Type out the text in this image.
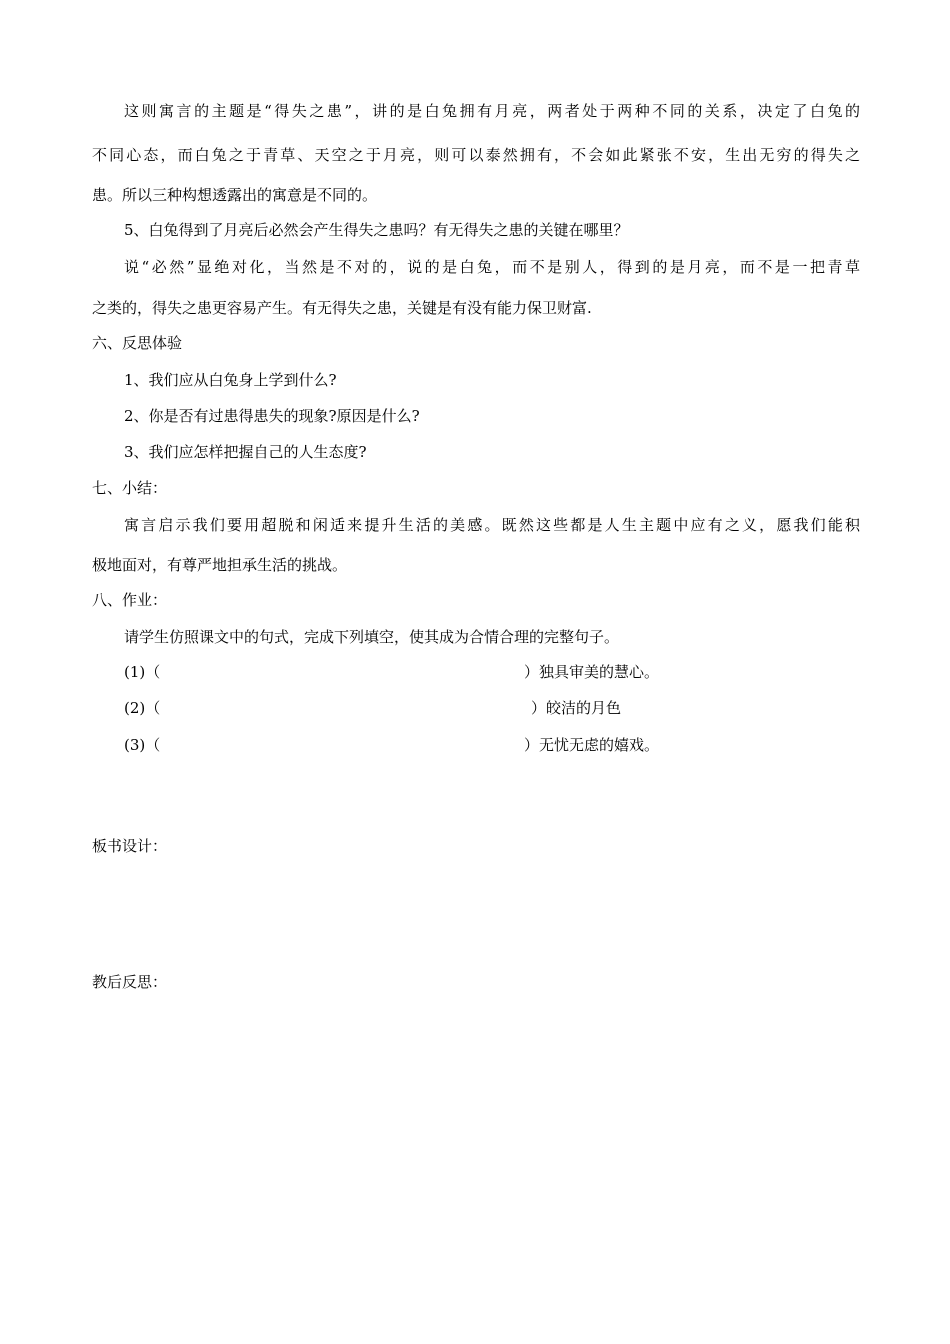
这则寓言的主题是“得失之患”，讲的是白兔拥有月亮，两者处于两种不同的关系，决定了白兔的
不同心态，而白兔之于青草、天空之于月亮，则可以泰然拥有，不会如此紧张不安，生出无穷的得失之
患。所以三种构想透露出的寓意是不同的。
5、白兔得到了月亮后必然会产生得失之患吗？有无得失之患的关键在哪里？
说“必然”显绝对化，当然是不对的，说的是白兔，而不是别人，得到的是月亮，而不是一把青草
之类的，得失之患更容易产生。有无得失之患，关键是有没有能力保卫财富.
六、反思体验
1、我们应从白兔身上学到什么?
2、你是否有过患得患失的现象?原因是什么?
3、我们应怎样把握自己的人生态度?
七、小结：
寓言启示我们要用超脱和闲适来提升生活的美感。既然这些都是人生主题中应有之义，愿我们能积
极地面对，有尊严地担承生活的挑战。
八、作业：
请学生仿照课文中的句式，完成下列填空，使其成为合情合理的完整句子。
(1)（	）独具审美的慧心。
(2)（	）皎洁的月色
(3)（	）无忧无虑的嬉戏。
板书设计：
教后反思：
